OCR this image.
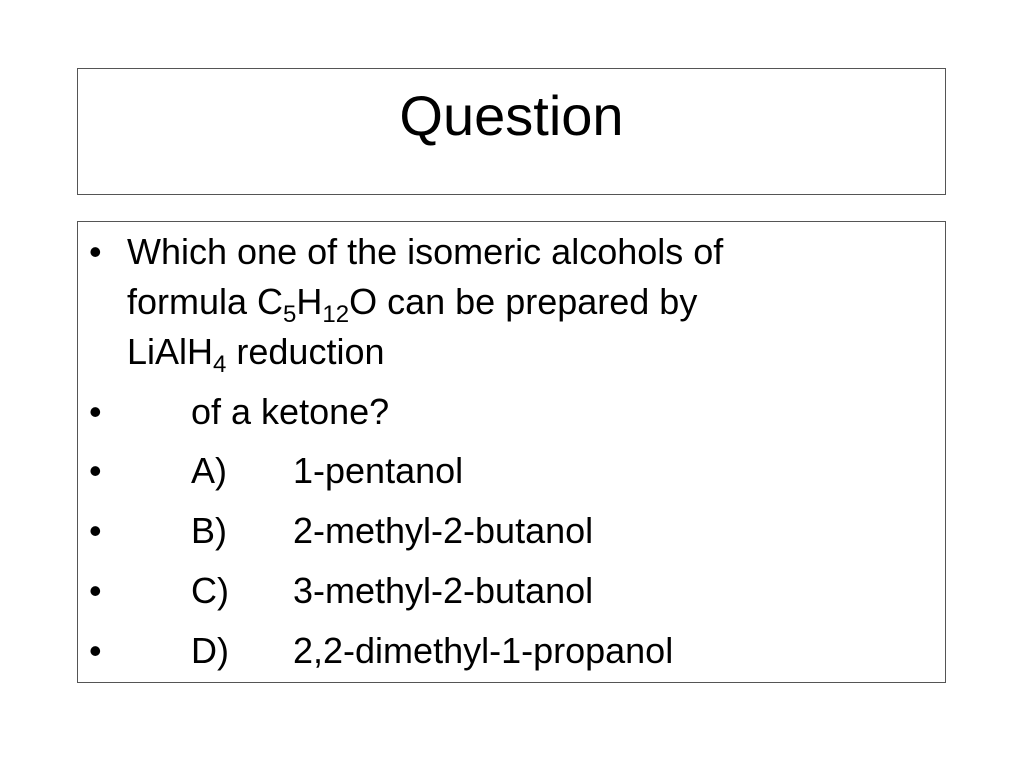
Question
• Which one of the isomeric alcohols of
formula $C_5H_{12}O$ can be prepared by
LiAlH$_4$ reduction
• of a ketone?
• A) 1-pentanol
• B) 2-methyl-2-butanol
• C) 3-methyl-2-butanol
• D) 2,2-dimethyl-1-propanol
